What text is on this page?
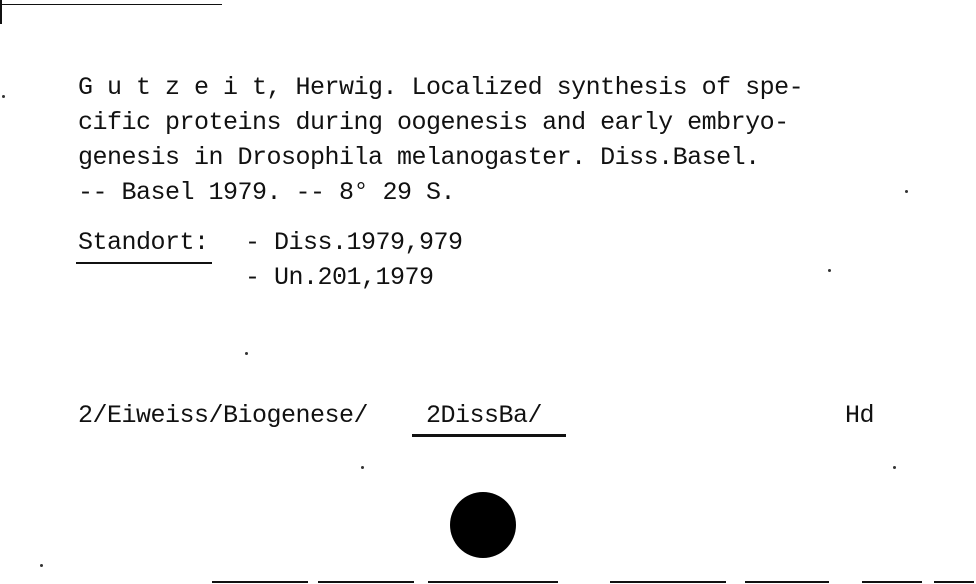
G u t z e i t, Herwig. Localized synthesis of spe-
cific proteins during oogenesis and early embryo-
genesis in Drosophila melanogaster. Diss.Basel.
-- Basel 1979. -- 8° 29 S.
Standort: - Diss.1979,979
- Un.201,1979
2/Eiweiss/Biogenese/ 2DissBa/	Hd
